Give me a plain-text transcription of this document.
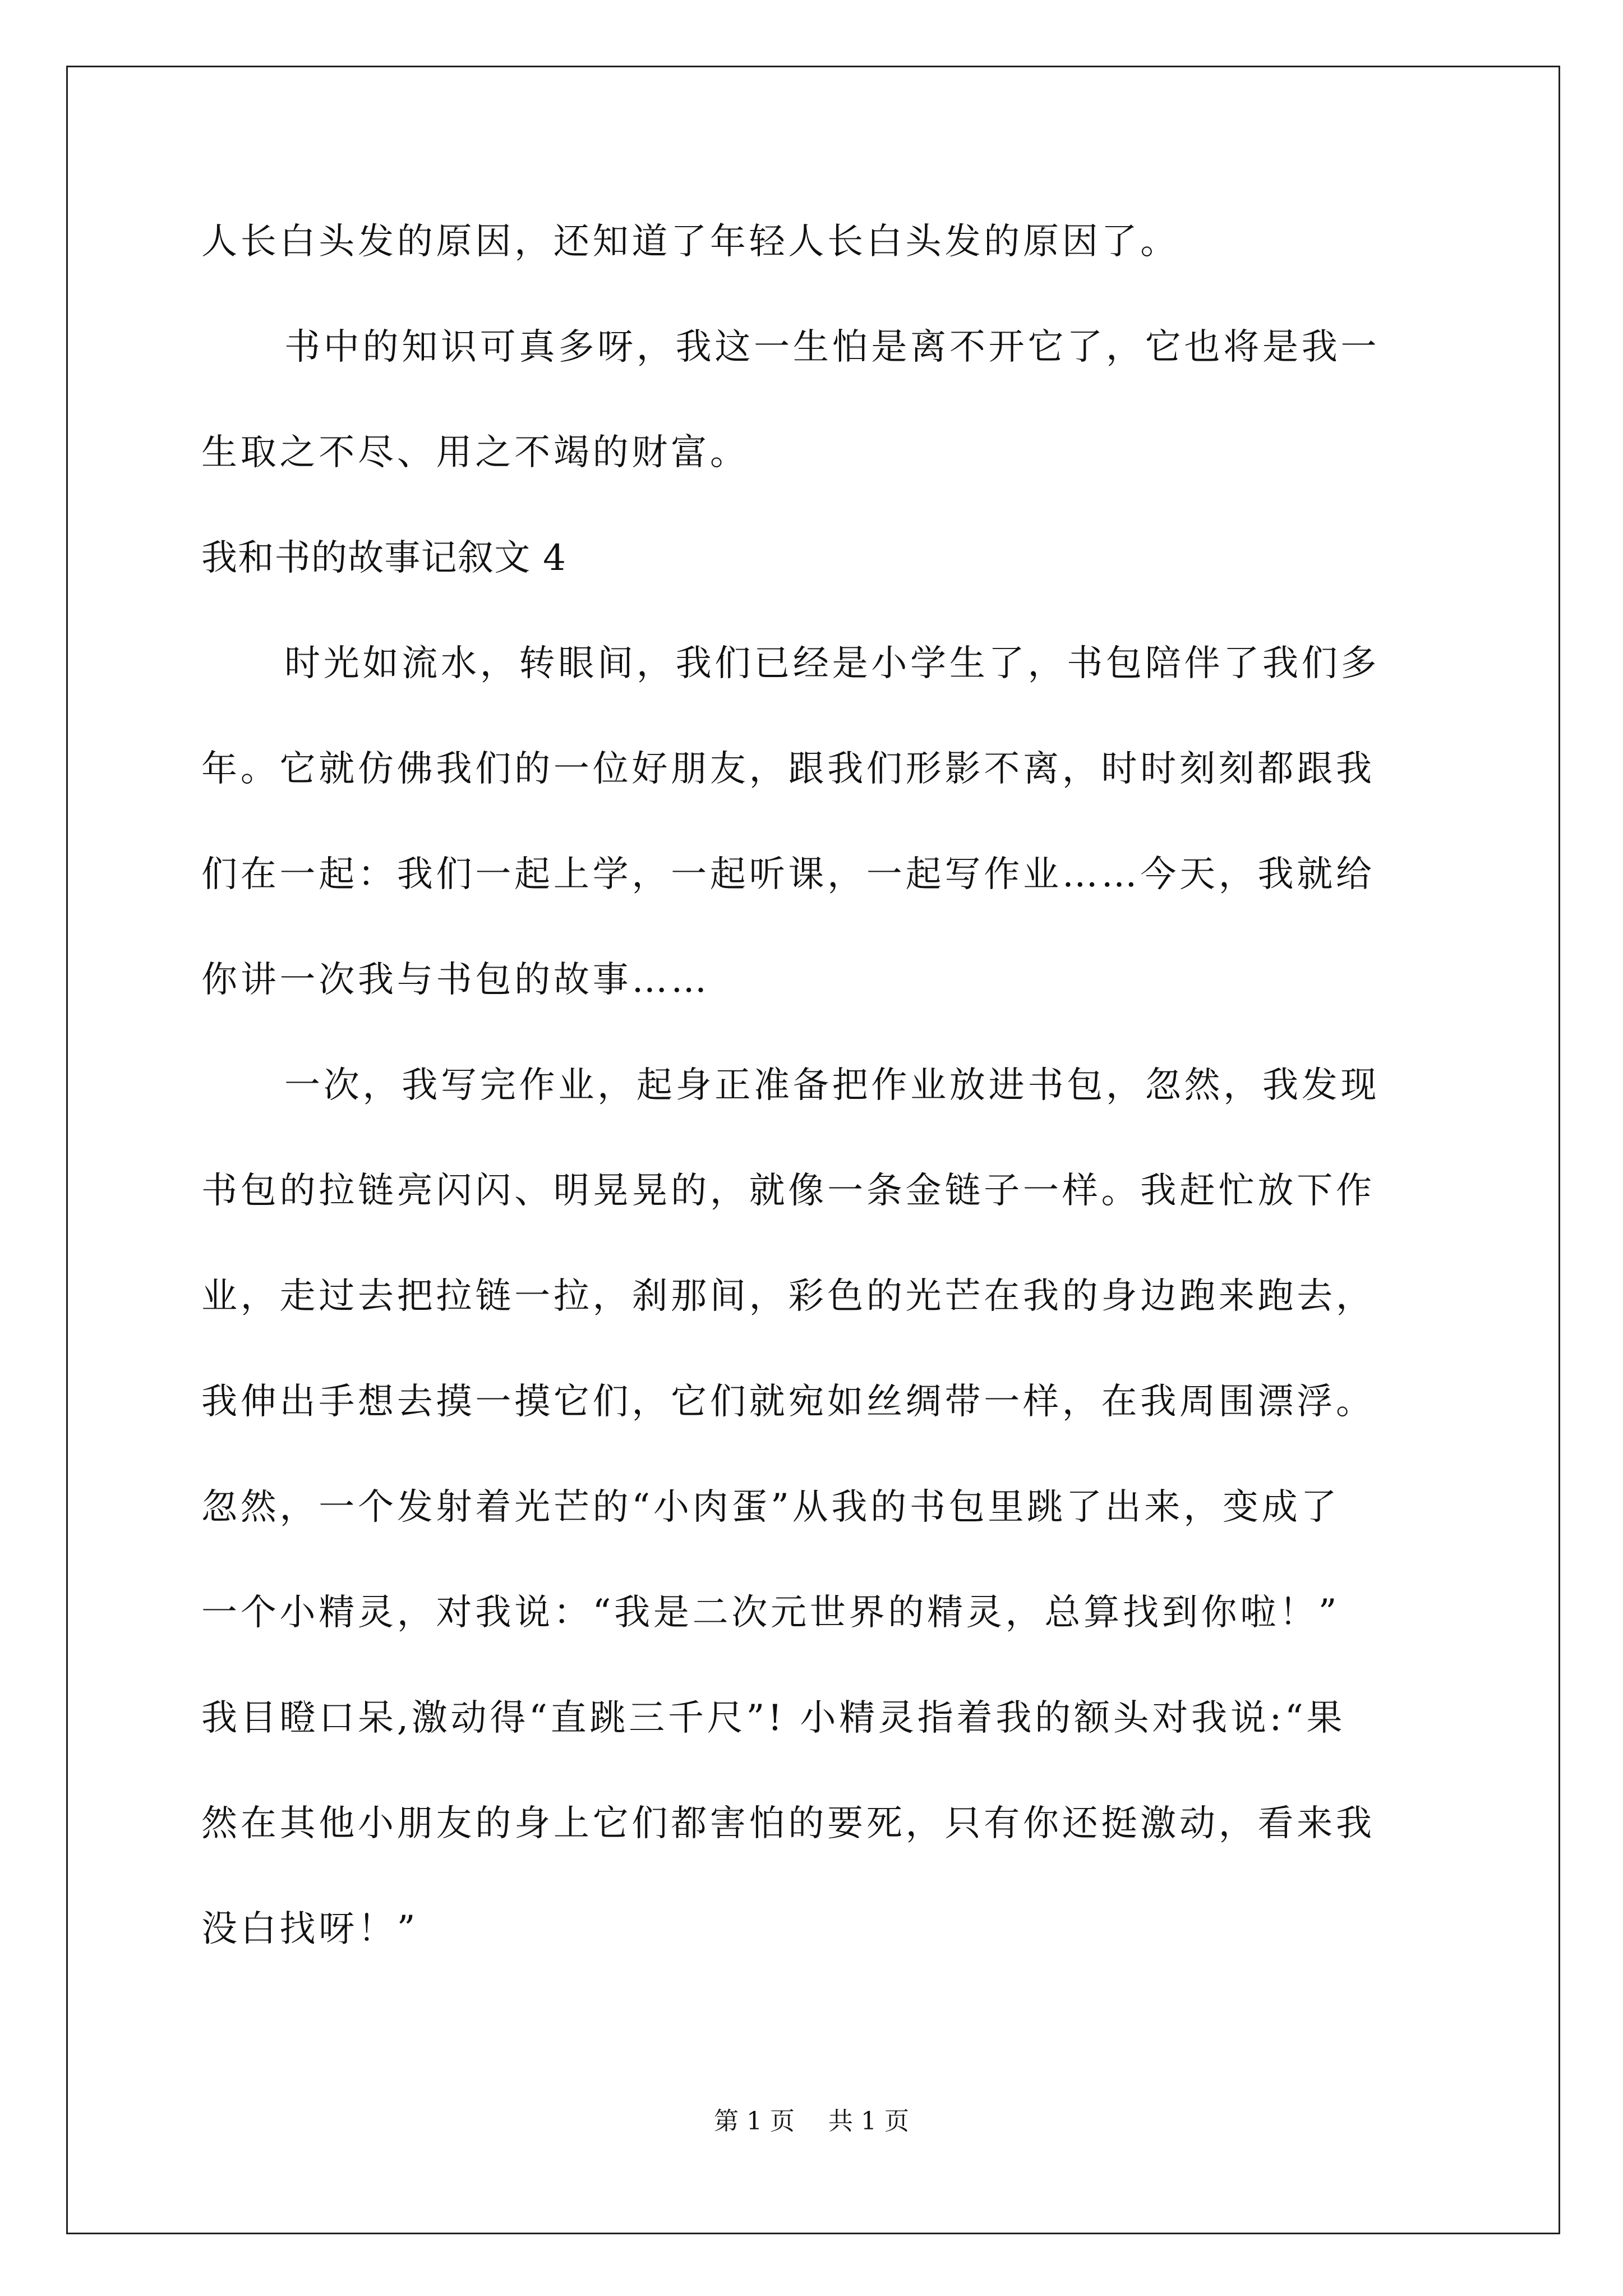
人长白头发的原因，还知道了年轻人长白头发的原因了。
书中的知识可真多呀，我这一生怕是离不开它了，它也将是我一
生取之不尽、用之不竭的财富。
我和书的故事记叙文 4
时光如流水，转眼间，我们已经是小学生了，书包陪伴了我们多
年。它就仿佛我们的一位好朋友，跟我们形影不离，时时刻刻都跟我
们在一起：我们一起上学，一起听课，一起写作业……今天，我就给
你讲一次我与书包的故事……
一次，我写完作业，起身正准备把作业放进书包，忽然，我发现
书包的拉链亮闪闪、明晃晃的，就像一条金链子一样。我赶忙放下作
业，走过去把拉链一拉，刹那间，彩色的光芒在我的身边跑来跑去，
我伸出手想去摸一摸它们，它们就宛如丝绸带一样，在我周围漂浮。
忽然，一个发射着光芒的“小肉蛋”从我的书包里跳了出来，变成了
一个小精灵，对我说：“我是二次元世界的精灵，总算找到你啦！”
我目瞪口呆,激动得“直跳三千尺”! 小精灵指着我的额头对我说:“果
然在其他小朋友的身上它们都害怕的要死，只有你还挺激动，看来我
没白找呀！”
第 1 页 共 1 页
